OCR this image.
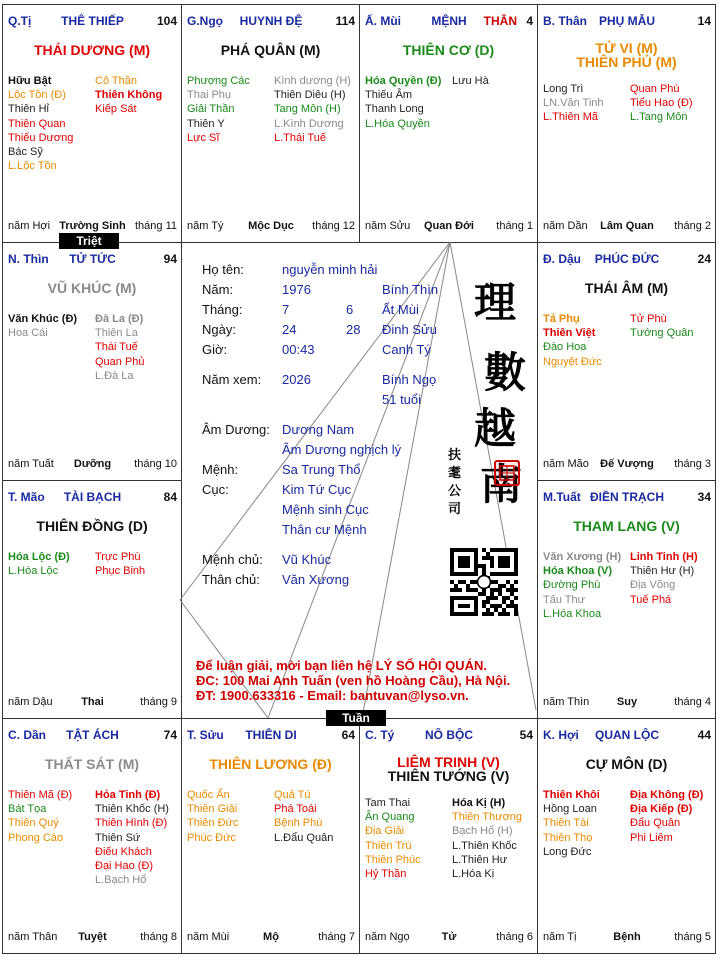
Q.Tị	THÊ THIẾP	104
THÁI DƯƠNG (M)
Hữu Bật
Lộc Tồn (Đ)
Thiên Hỉ
Thiên Quan
Thiếu Dương
Bác Sỹ
L.Lộc Tồn
Cô Thần
Thiên Không
Kiếp Sát
năm Hợi Trường Sinh tháng 11
G.Ngọ	HUYNH ĐỆ	114
PHÁ QUÂN (M)
Phượng Các
Thai Phụ
Giải Thần
Thiên Y
Lực Sĩ
Kình dương (H)
Thiên Diêu (H)
Tang Môn (H)
L.Kình Dương
L.Thái Tuế
năm Tý	Mộc Dục	tháng 12
Ấ. Mùi	MỆNH	THÂN 4
THIÊN CƠ (D)
Hóa Quyền (Đ)
Thiếu Âm
Thanh Long
L.Hóa Quyền
Lưu Hà
năm Sửu	Quan Đới	tháng 1
B. Thân	PHỤ MẪU	14
TỬ VI (M)
THIÊN PHỦ (M)
Long Trì
LN.Văn Tinh
L.Thiên Mã
Quan Phù
Tiểu Hao (Đ)
L.Tang Môn
năm Dần	Lâm Quan	tháng 2
N. Thìn	TỬ TỨC	94
VŨ KHÚC (M)
Văn Khúc (Đ)
Hoa Cái
Đà La (Đ)
Thiên La
Thái Tuế
Quan Phủ
L.Đà La
năm Tuất	Dưỡng	tháng 10
Đ. Dậu	PHÚC ĐỨC	24
THÁI ÂM (M)
Tả Phụ
Thiên Việt
Đào Hoa
Nguyệt Đức
Tử Phù
Tướng Quân
năm Mão	Đế Vượng	tháng 3
T. Mão	TÀI BẠCH	84
THIÊN ĐỒNG (D)
Hóa Lộc (Đ)
L.Hóa Lộc
Trực Phù
Phục Binh
năm Dậu	Thai	tháng 9
M.Tuất ĐIỀN TRẠCH	34
THAM LANG (V)
Văn Xương (H)
Hóa Khoa (V)
Đường Phù
Tấu Thư
L.Hóa Khoa
Linh Tinh (H)
Thiên Hư (H)
Địa Võng
Tuế Phá
năm Thìn	Suy	tháng 4
C. Dần	TẬT ÁCH	74
THẤT SÁT (M)
Thiên Mã (Đ)
Bát Tọa
Thiên Quý
Phong Cáo
Hỏa Tinh (Đ)
Thiên Khốc (H)
Thiên Hình (Đ)
Thiên Sứ
Điếu Khách
Đại Hao (Đ)
L.Bạch Hổ
năm Thân	Tuyệt	tháng 8
T. Sửu	THIÊN DI	64
THIÊN LƯƠNG (Đ)
Quốc Ấn
Thiên Giải
Thiên Đức
Phúc Đức
Quả Tú
Phá Toái
Bệnh Phù
L.Đẩu Quân
năm Mùi	Mộ	tháng 7
C. Tý	NÔ BỘC	54
LIÊM TRINH (V)
THIÊN TƯỚNG (V)
Tam Thai
Ân Quang
Địa Giải
Thiên Trù
Thiên Phúc
Hỷ Thần
Hóa Kị (H)
Thiên Thương
Bạch Hổ (H)
L.Thiên Khốc
L.Thiên Hư
L.Hóa Kị
năm Ngọ	Tử	tháng 6
K. Hợi	QUAN LỘC	44
CỰ MÔN (D)
Thiên Khôi
Hồng Loan
Thiên Tài
Thiên Thọ
Long Đức
Địa Không (Đ)
Địa Kiếp (Đ)
Đẩu Quân
Phi Liêm
năm Tị	Bệnh	tháng 5
Triệt
Tuần
Họ tên:	nguyễn minh hải
Năm:	1976	Bính Thìn
Tháng:	7	6 Ất Mùi
Ngày:	24	28 Đinh Sửu
Giờ:	00:43	Canh Tý
Năm xem: 2026	Bính Ngọ
51 tuổi
Âm Dương: Dương Nam
Âm Dương nghịch lý
Mệnh:	Sa Trung Thổ
Cục:	Kim Tứ Cục
Mệnh sinh Cục
Thân cư Mệnh
Mệnh chủ: Vũ Khúc
Thân chủ: Văn Xương
理
數
越
南
扶
耄
公
司
Để luận giải, mời bạn liên hệ LÝ SỐ HỘI QUÁN.
ĐC: 100 Mai Anh Tuấn (ven hồ Hoàng Cầu), Hà Nội.
ĐT: 1900.633316 - Email: bantuvan@lyso.vn.
